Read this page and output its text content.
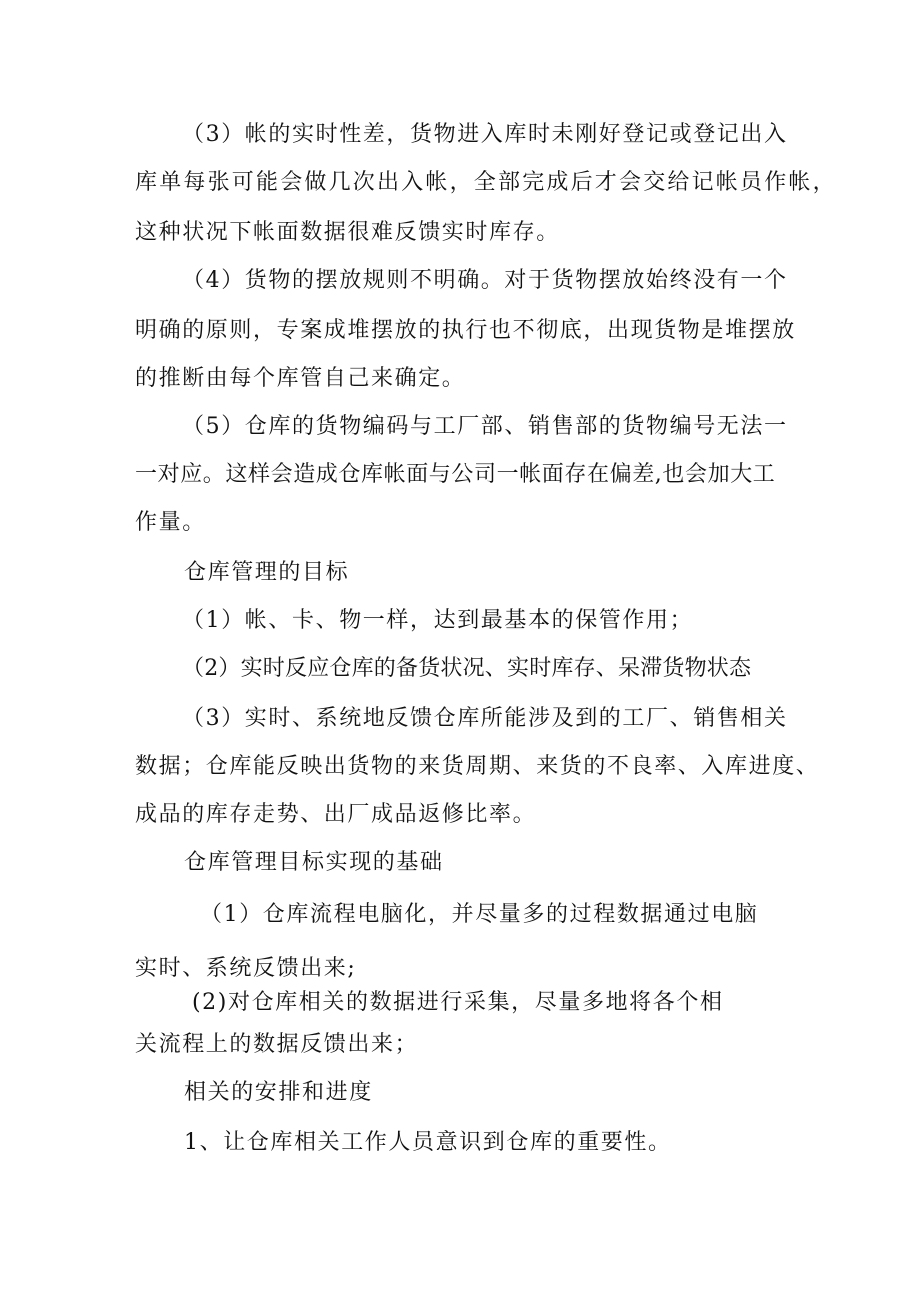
（3）帐的实时性差，货物进入库时未刚好登记或登记出入
库单每张可能会做几次出入帐，全部完成后才会交给记帐员作帐，
这种状况下帐面数据很难反馈实时库存。
（4）货物的摆放规则不明确。对于货物摆放始终没有一个
明确的原则，专案成堆摆放的执行也不彻底，出现货物是堆摆放
的推断由每个库管自己来确定。
（5）仓库的货物编码与工厂部、销售部的货物编号无法一
一对应。这样会造成仓库帐面与公司一帐面存在偏差,也会加大工
作量。
仓库管理的目标
（1）帐、卡、物一样，达到最基本的保管作用；
（2）实时反应仓库的备货状况、实时库存、呆滞货物状态
（3）实时、系统地反馈仓库所能涉及到的工厂、销售相关
数据；仓库能反映出货物的来货周期、来货的不良率、入库进度、
成品的库存走势、出厂成品返修比率。
仓库管理目标实现的基础
（1）仓库流程电脑化，并尽量多的过程数据通过电脑
实时、系统反馈出来;
(2)对仓库相关的数据进行采集，尽量多地将各个相
关流程上的数据反馈出来；
相关的安排和进度
1、让仓库相关工作人员意识到仓库的重要性。
